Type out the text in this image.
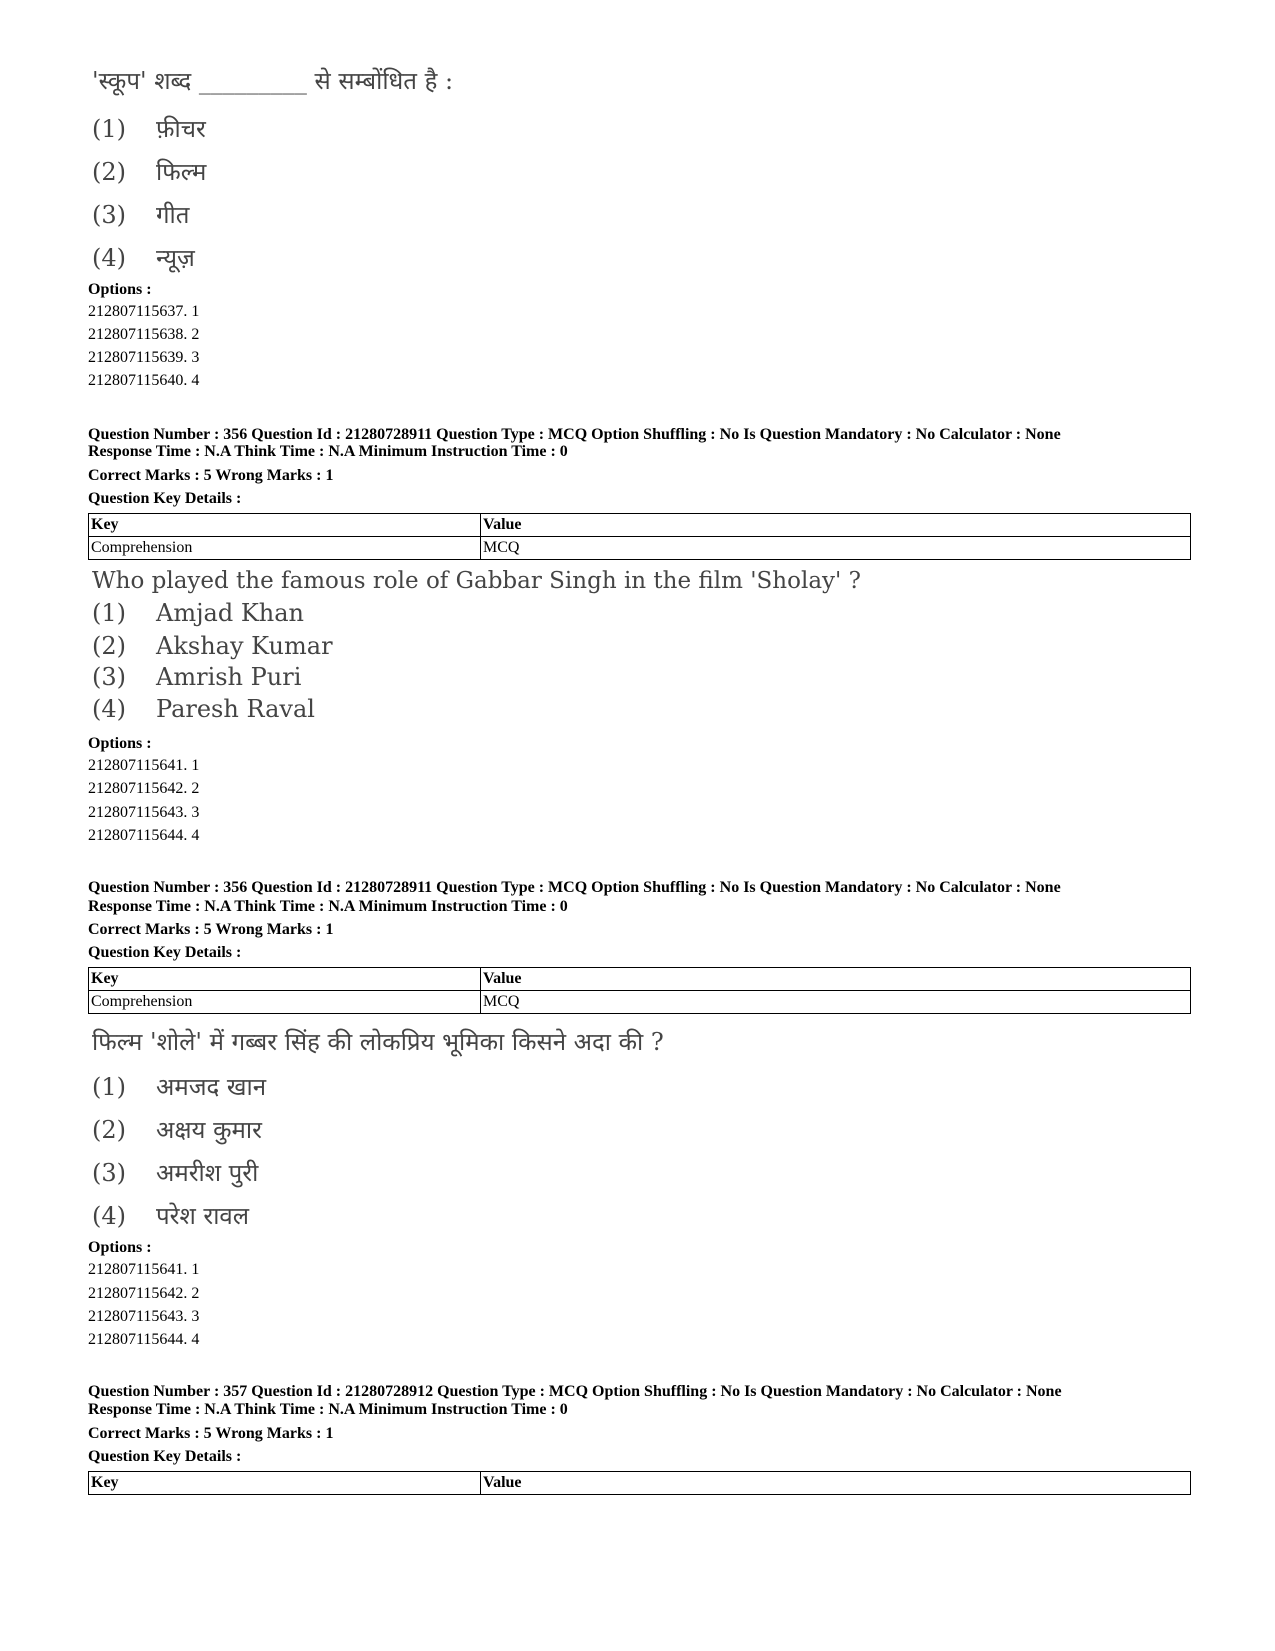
'स्कूप' शब्द _________ से सम्बोंधित है :
(1) फ़ीचर
(2) फिल्म
(3) गीत
(4) न्यूज़
Options :
212807115637. 1
212807115638. 2
212807115639. 3
212807115640. 4
Question Number : 356 Question Id : 21280728911 Question Type : MCQ Option Shuffling : No Is Question Mandatory : No Calculator : None
Response Time : N.A Think Time : N.A Minimum Instruction Time : 0
Correct Marks : 5 Wrong Marks : 1
Question Key Details :
Key	Value
Comprehension	MCQ
Who played the famous role of Gabbar Singh in the film 'Sholay' ?
(1) Amjad Khan
(2) Akshay Kumar
(3) Amrish Puri
(4) Paresh Raval
Options :
212807115641. 1
212807115642. 2
212807115643. 3
212807115644. 4
Question Number : 356 Question Id : 21280728911 Question Type : MCQ Option Shuffling : No Is Question Mandatory : No Calculator : None
Response Time : N.A Think Time : N.A Minimum Instruction Time : 0
Correct Marks : 5 Wrong Marks : 1
Question Key Details :
Key	Value
Comprehension	MCQ
फिल्म 'शोले' में गब्बर सिंह की लोकप्रिय भूमिका किसने अदा की ?
(1) अमजद खान
(2) अक्षय कुमार
(3) अमरीश पुरी
(4) परेश रावल
Options :
212807115641. 1
212807115642. 2
212807115643. 3
212807115644. 4
Question Number : 357 Question Id : 21280728912 Question Type : MCQ Option Shuffling : No Is Question Mandatory : No Calculator : None
Response Time : N.A Think Time : N.A Minimum Instruction Time : 0
Correct Marks : 5 Wrong Marks : 1
Question Key Details :
Key	Value
